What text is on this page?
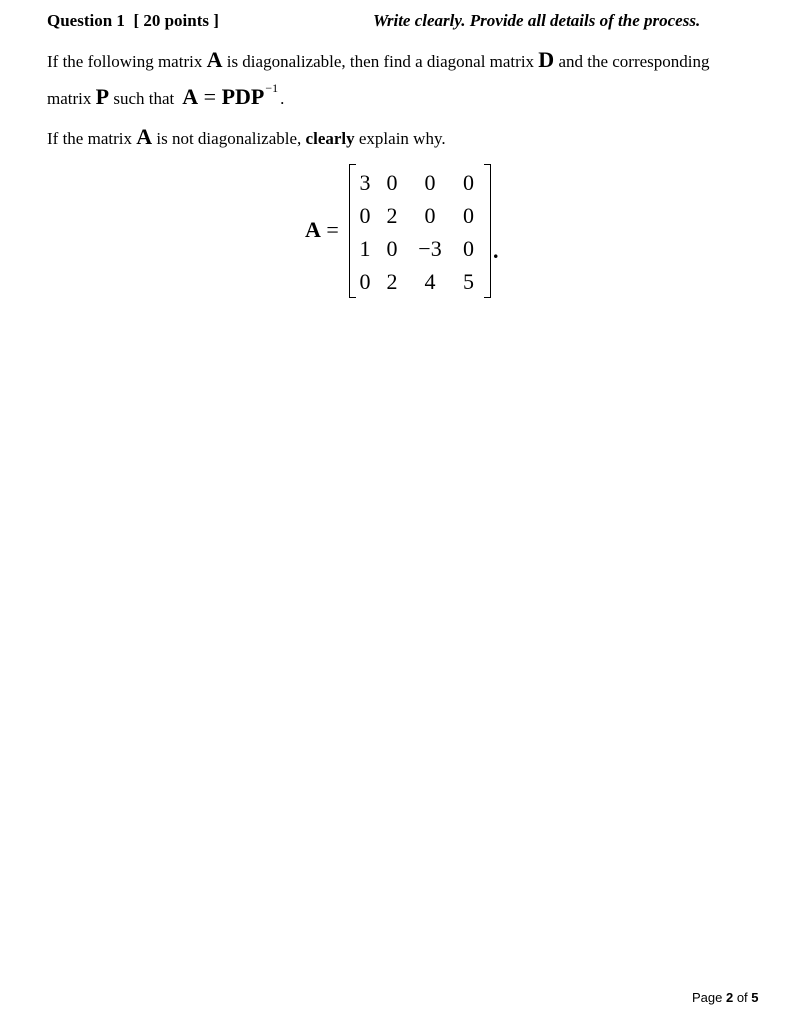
Question 1 [ 20 points ]	Write clearly. Provide all details of the process.
If the following matrix A is diagonalizable, then find a diagonal matrix D and the corresponding
matrix P such that $A = PDP^{-1}$.
If the matrix A is not diagonalizable, clearly explain why.
A =
3 0	0	0
0 2	0	0
1 0 −3 0
0 2	4	5
.
Page 2 of 5
